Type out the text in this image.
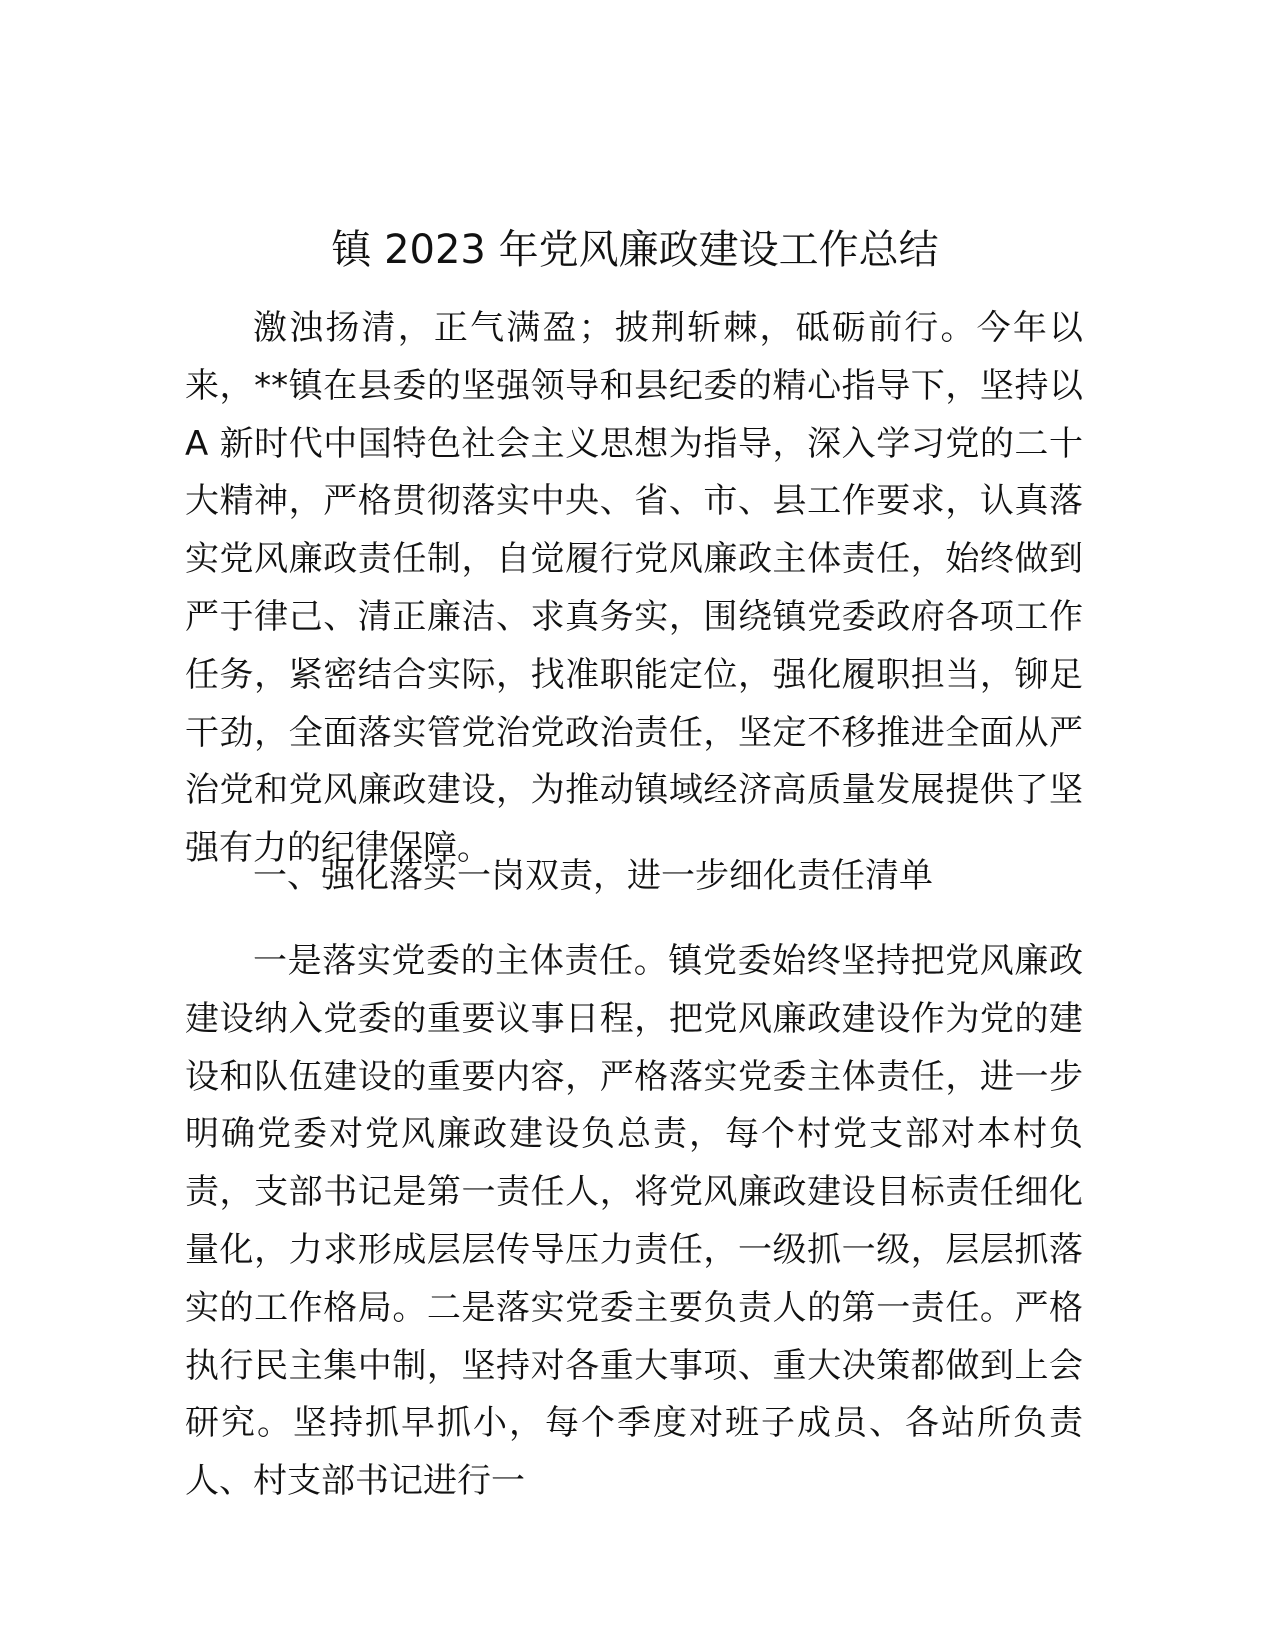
镇 2023 年党风廉政建设工作总结

激浊扬清，正气满盈；披荆斩棘，砥砺前行。今年以来，**镇在县委的坚强领导和县纪委的精心指导下，坚持以 A 新时代中国特色社会主义思想为指导，深入学习党的二十大精神，严格贯彻落实中央、省、市、县工作要求，认真落实党风廉政责任制，自觉履行党风廉政主体责任，始终做到严于律己、清正廉洁、求真务实，围绕镇党委政府各项工作任务，紧密结合实际，找准职能定位，强化履职担当，铆足干劲，全面落实管党治党政治责任，坚定不移推进全面从严治党和党风廉政建设，为推动镇域经济高质量发展提供了坚强有力的纪律保障。

一、强化落实一岗双责，进一步细化责任清单

一是落实党委的主体责任。镇党委始终坚持把党风廉政建设纳入党委的重要议事日程，把党风廉政建设作为党的建设和队伍建设的重要内容，严格落实党委主体责任，进一步明确党委对党风廉政建设负总责，每个村党支部对本村负责，支部书记是第一责任人，将党风廉政建设目标责任细化量化，力求形成层层传导压力责任，一级抓一级，层层抓落实的工作格局。二是落实党委主要负责人的第一责任。严格执行民主集中制，坚持对各重大事项、重大决策都做到上会研究。坚持抓早抓小，每个季度对班子成员、各站所负责人、村支部书记进行一
